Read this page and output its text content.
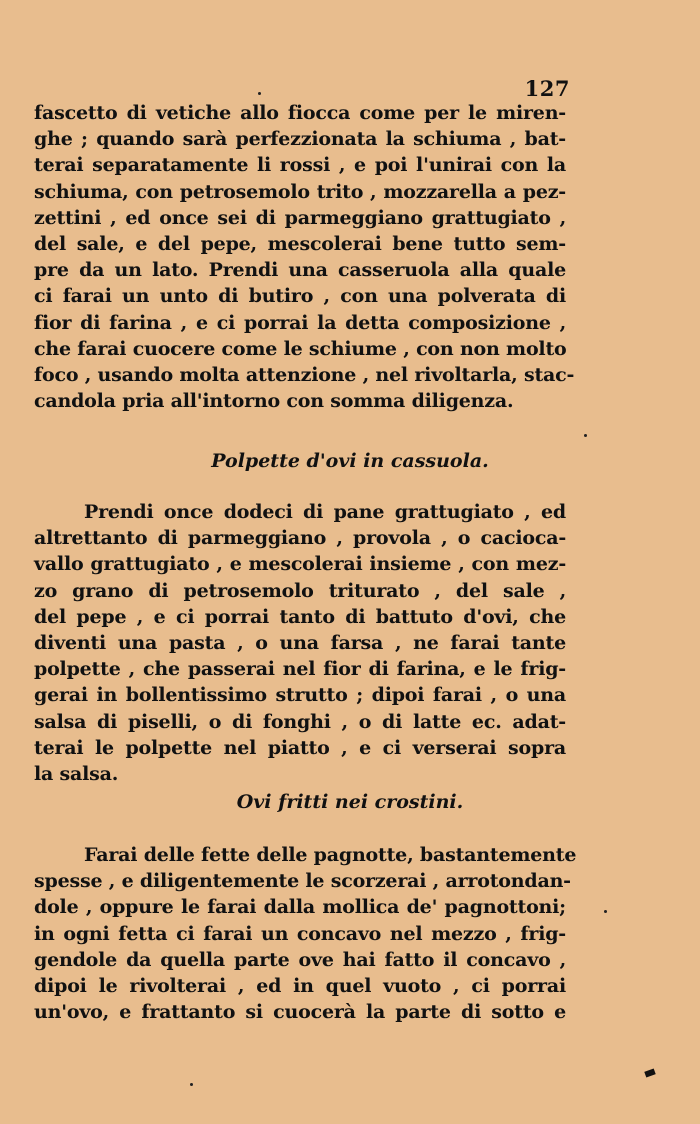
127
fascetto di vetiche allo fiocca come per le miren-
ghe ; quando sarà perfezzionata la schiuma , bat-
terai separatamente li rossi , e poi l'unirai con la
schiuma, con petrosemolo trito , mozzarella a pez-
zettini , ed once sei di parmeggiano grattugiato ,
del sale, e del pepe, mescolerai bene tutto sem-
pre da un lato. Prendi una casseruola alla quale
ci farai un unto di butiro , con una polverata di
fior di farina , e ci porrai la detta composizione ,
che farai cuocere come le schiume , con non molto
foco , usando molta attenzione , nel rivoltarla, stac-
candola pria all'intorno con somma diligenza.
Polpette d'ovi in cassuola.
Prendi once dodeci di pane grattugiato , ed
altrettanto di parmeggiano , provola , o caciocа-
vallo grattugiato , e mescolerai insieme , con mez-
zo grano di petrosemolo triturato , del sale ,
del pepe , e ci porrai tanto di battuto d'ovi, che
diventi una pasta , o una farsa , ne farai tante
polpette , che passerai nel fior di farina, e le frig-
gerai in bollentissimo strutto ; dipoi farai , o una
salsa di piselli, o di fonghi , o di latte ec. adat-
terai le polpette nel piatto , e ci verserai sopra
la salsa.
Ovi fritti nei crostini.
Farai delle fette delle pagnotte, bastantemente
spesse , e diligentemente le scorzerai , arrotondan-
dole , oppure le farai dalla mollica de' pagnottoni;
in ogni fetta ci farai un concavo nel mezzo , frig-
gendole da quella parte ove hai fatto il concavo ,
dipoi le rivolterai , ed in quel vuoto , ci porrai
un'ovo, e frattanto si cuocerà la parte di sotto e
